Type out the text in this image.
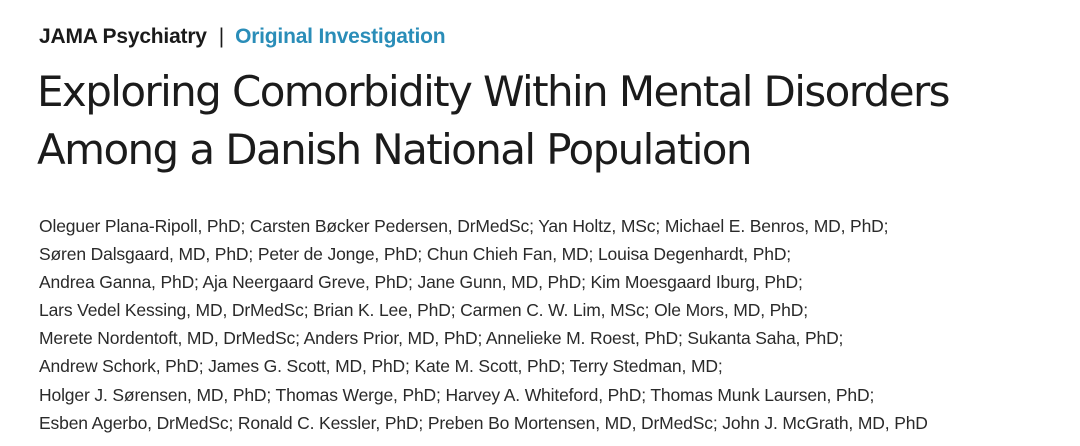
JAMA Psychiatry | Original Investigation
Exploring Comorbidity Within Mental Disorders
Among a Danish National Population

Oleguer Plana-Ripoll, PhD; Carsten Bøcker Pedersen, DrMedSc; Yan Holtz, MSc; Michael E. Benros, MD, PhD;
Søren Dalsgaard, MD, PhD; Peter de Jonge, PhD; Chun Chieh Fan, MD; Louisa Degenhardt, PhD;
Andrea Ganna, PhD; Aja Neergaard Greve, PhD; Jane Gunn, MD, PhD; Kim Moesgaard Iburg, PhD;
Lars Vedel Kessing, MD, DrMedSc; Brian K. Lee, PhD; Carmen C. W. Lim, MSc; Ole Mors, MD, PhD;
Merete Nordentoft, MD, DrMedSc; Anders Prior, MD, PhD; Annelieke M. Roest, PhD; Sukanta Saha, PhD;
Andrew Schork, PhD; James G. Scott, MD, PhD; Kate M. Scott, PhD; Terry Stedman, MD;
Holger J. Sørensen, MD, PhD; Thomas Werge, PhD; Harvey A. Whiteford, PhD; Thomas Munk Laursen, PhD;
Esben Agerbo, DrMedSc; Ronald C. Kessler, PhD; Preben Bo Mortensen, MD, DrMedSc; John J. McGrath, MD, PhD
